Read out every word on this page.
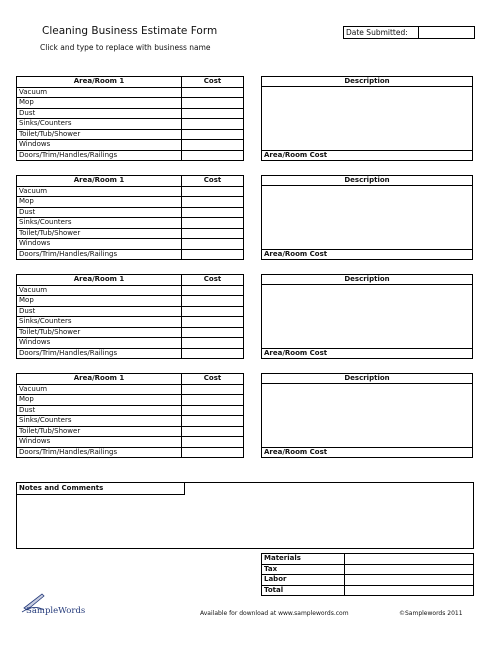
Cleaning Business Estimate Form
Click and type to replace with business name
Date Submitted:
Area/Room 1	Cost
Vacuum	
Mop	
Dust	
Sinks/Counters	
Toilet/Tub/Shower	
Windows	
Doors/Trim/Handles/Railings	
Description
Area/Room Cost
Area/Room 1	Cost
Vacuum	
Mop	
Dust	
Sinks/Counters	
Toilet/Tub/Shower	
Windows	
Doors/Trim/Handles/Railings	
Description
Area/Room Cost
Area/Room 1	Cost
Vacuum	
Mop	
Dust	
Sinks/Counters	
Toilet/Tub/Shower	
Windows	
Doors/Trim/Handles/Railings	
Description
Area/Room Cost
Area/Room 1	Cost
Vacuum	
Mop	
Dust	
Sinks/Counters	
Toilet/Tub/Shower	
Windows	
Doors/Trim/Handles/Railings	
Description
Area/Room Cost
Notes and Comments
Materials	
Tax	
Labor	
Total	
SampleWords	Available for download at www.samplewords.com	©Samplewords 2011
